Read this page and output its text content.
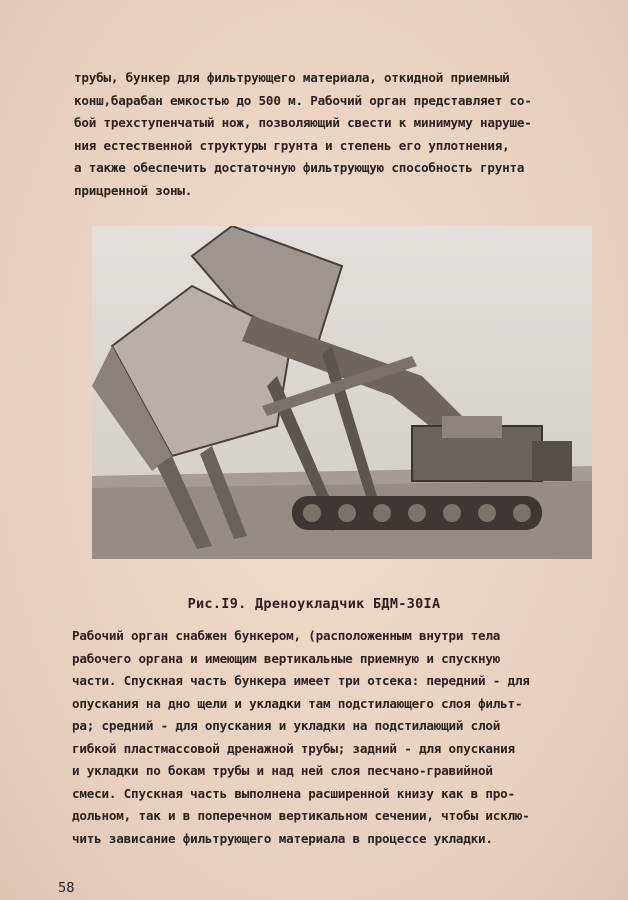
трубы, бункер для фильтрующего материала, откидной приемный
конш,барабан емкостью до 500 м. Рабочий орган представляет со-
бой трехступенчатый нож, позволяющий свести к минимуму наруше-
ния естественной структуры грунта и степень его уплотнения,
а также обеспечить достаточную фильтрующую способность грунта
прицренной зоны.
Рис.I9. Дреноукладчик БДМ-30IА
Рабочий орган снабжен бункером, (расположенным внутри тела
рабочего органа и имеющим вертикальные приемную и спускную
части. Спускная часть бункера имеет три отсека: передний - для
опускания на дно щели и укладки там подстилающего слоя фильт-
ра; средний - для опускания и укладки на подстилающий слой
гибкой пластмассовой дренажной трубы; задний - для опускания
и укладки по бокам трубы и над ней слоя песчано-гравийной
смеси. Спускная часть выполнена расширенной книзу как в про-
дольном, так и в поперечном вертикальном сечении, чтобы исклю-
чить зависание фильтрующего материала в процессе укладки.
58
